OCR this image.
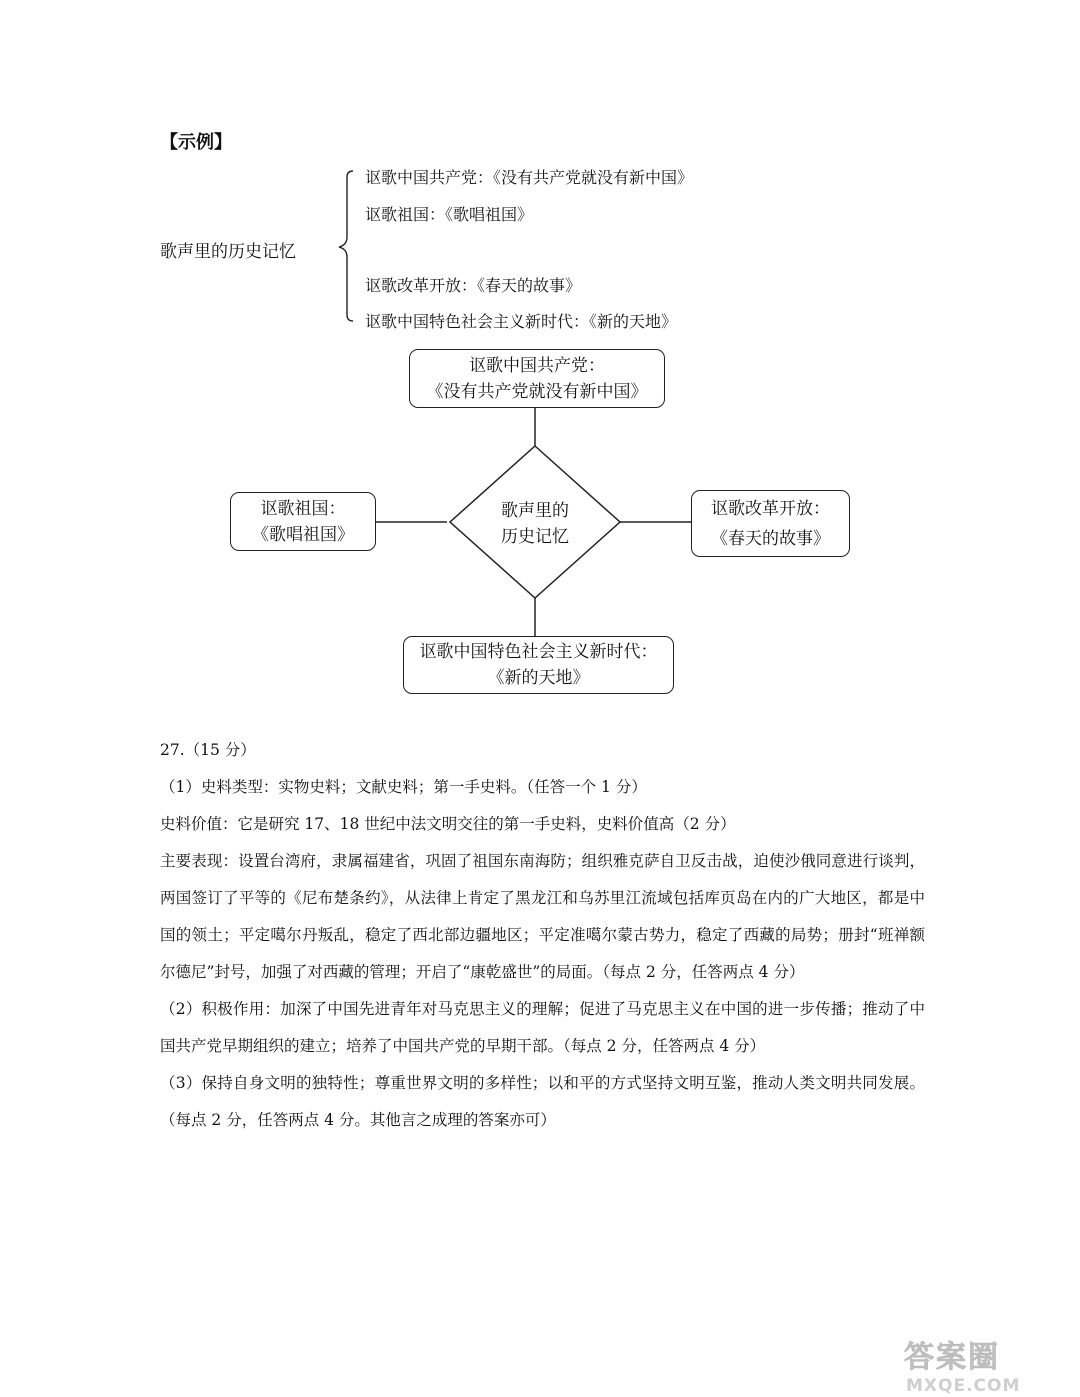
【示例】
歌声里的历史记忆
讴歌中国共产党：《没有共产党就没有新中国》
讴歌祖国：《歌唱祖国》
讴歌改革开放：《春天的故事》
讴歌中国特色社会主义新时代：《新的天地》
歌声里的
历史记忆
讴歌中国共产党：
《没有共产党就没有新中国》
讴歌祖国：
《歌唱祖国》
讴歌改革开放：
《春天的故事》
讴歌中国特色社会主义新时代：
《新的天地》

27.（15 分）

（1）史料类型：实物史料；文献史料；第一手史料。（任答一个 1 分）

史料价值：它是研究 17、18 世纪中法文明交往的第一手史料，史料价值高（2 分）

主要表现：设置台湾府，隶属福建省，巩固了祖国东南海防；组织雅克萨自卫反击战，迫使沙俄同意进行谈判，两国签订了平等的《尼布楚条约》，从法律上肯定了黑龙江和乌苏里江流域包括库页岛在内的广大地区，都是中国的领土；平定噶尔丹叛乱，稳定了西北部边疆地区；平定准噶尔蒙古势力，稳定了西藏的局势；册封“班禅额尔德尼”封号，加强了对西藏的管理；开启了“康乾盛世”的局面。（每点 2 分，任答两点 4 分）

（2）积极作用：加深了中国先进青年对马克思主义的理解；促进了马克思主义在中国的进一步传播；推动了中国共产党早期组织的建立；培养了中国共产党的早期干部。（每点 2 分，任答两点 4 分）

（3）保持自身文明的独特性；尊重世界文明的多样性；以和平的方式坚持文明互鉴，推动人类文明共同发展。（每点 2 分，任答两点 4 分。其他言之成理的答案亦可）

答案圈
MXQE.COM
